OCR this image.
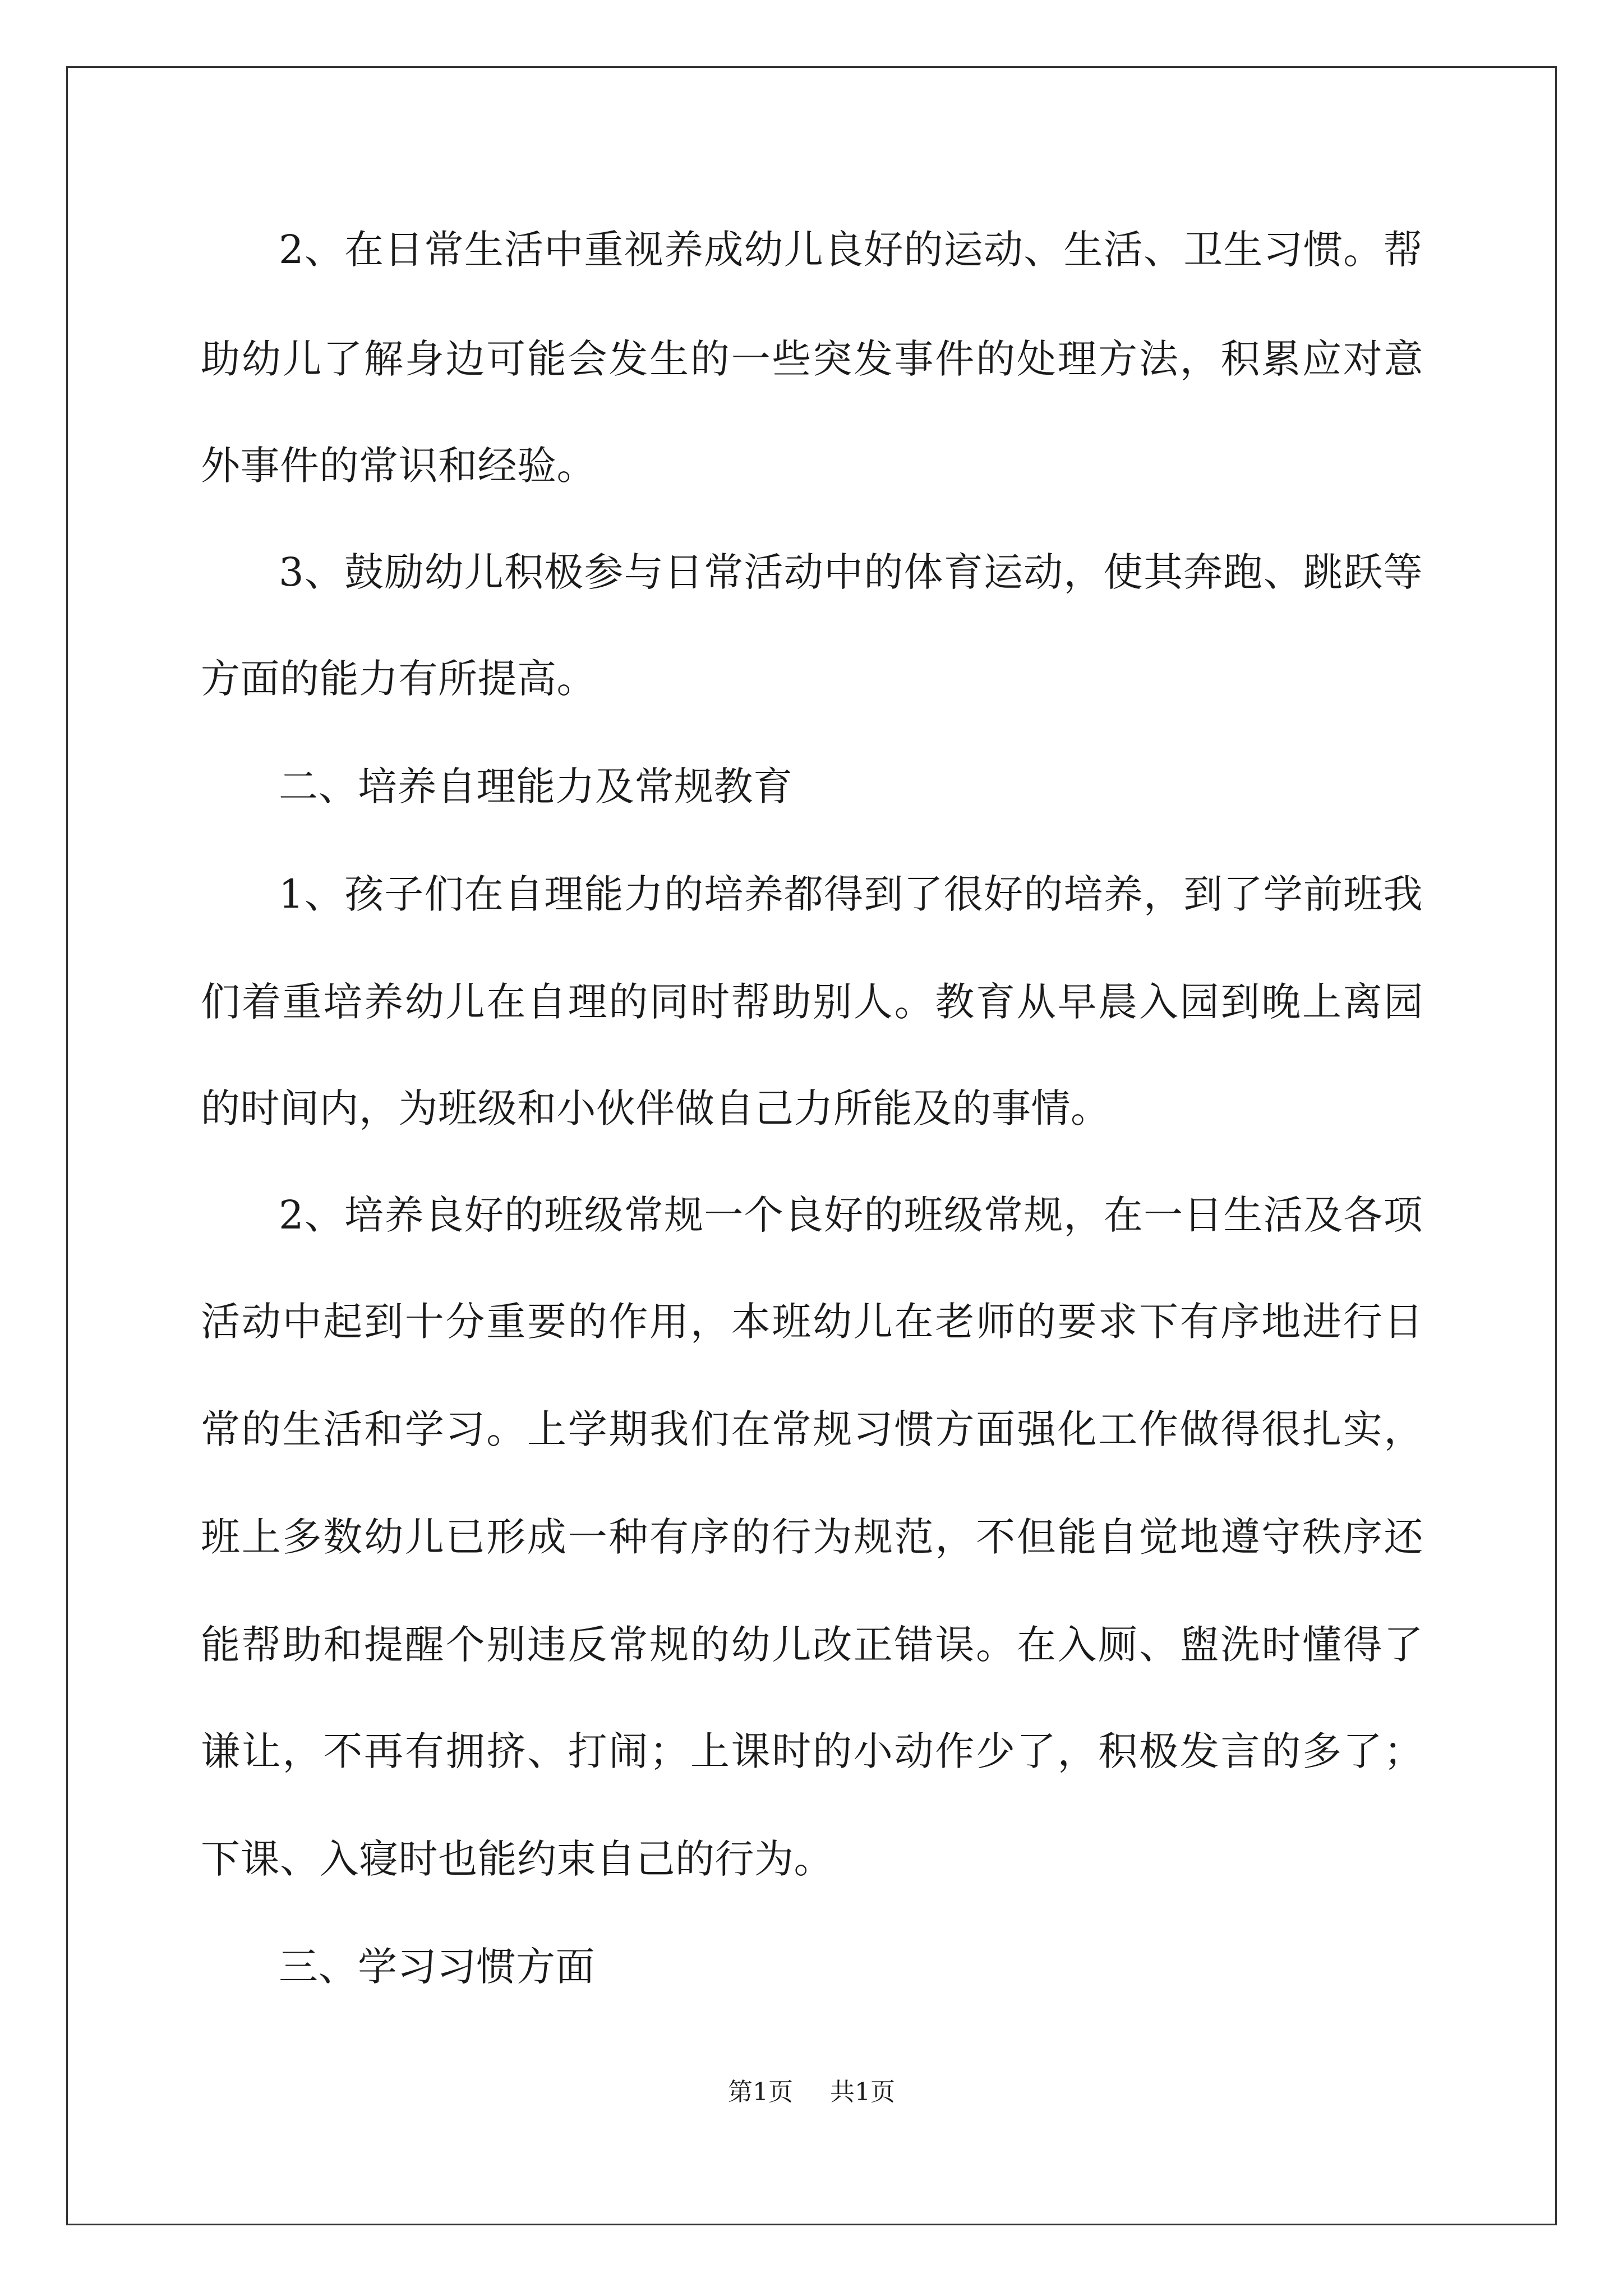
2、在日常生活中重视养成幼儿良好的运动、生活、卫生习惯。帮
助幼儿了解身边可能会发生的一些突发事件的处理方法，积累应对意
外事件的常识和经验。
3、鼓励幼儿积极参与日常活动中的体育运动，使其奔跑、跳跃等
方面的能力有所提高。
二、培养自理能力及常规教育
1、孩子们在自理能力的培养都得到了很好的培养，到了学前班我
们着重培养幼儿在自理的同时帮助别人。教育从早晨入园到晚上离园
的时间内，为班级和小伙伴做自己力所能及的事情。
2、培养良好的班级常规一个良好的班级常规，在一日生活及各项
活动中起到十分重要的作用，本班幼儿在老师的要求下有序地进行日
常的生活和学习。上学期我们在常规习惯方面强化工作做得很扎实，
班上多数幼儿已形成一种有序的行为规范，不但能自觉地遵守秩序还
能帮助和提醒个别违反常规的幼儿改正错误。在入厕、盥洗时懂得了
谦让，不再有拥挤、打闹；上课时的小动作少了，积极发言的多了；
下课、入寝时也能约束自己的行为。
三、学习习惯方面
第1页 共1页
